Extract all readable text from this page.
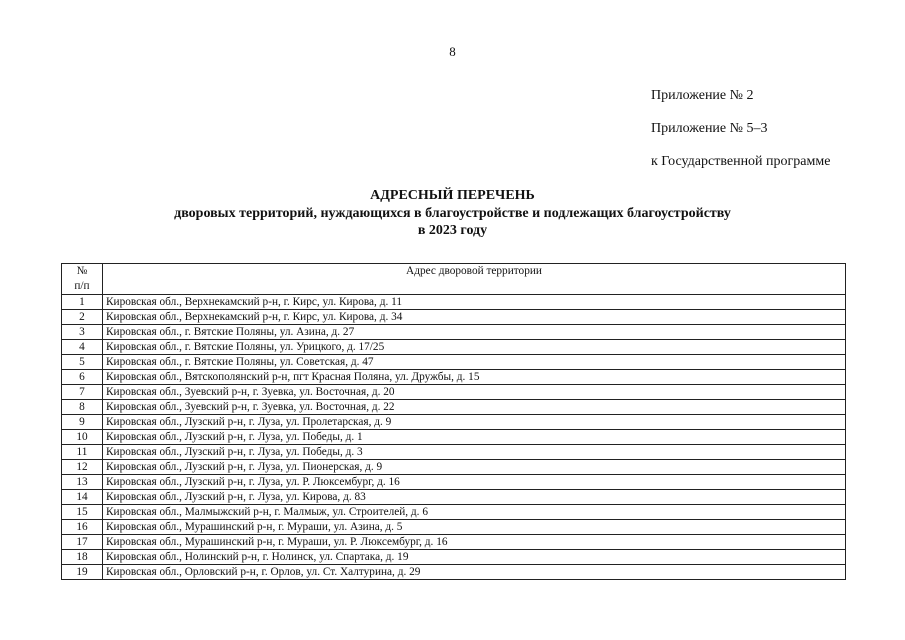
8
Приложение № 2
Приложение № 5–3
к Государственной программе
АДРЕСНЫЙ ПЕРЕЧЕНЬ
дворовых территорий, нуждающихся в благоустройстве и подлежащих благоустройству
в 2023 году
№
п/п	Адрес дворовой территории
1	Кировская обл., Верхнекамский р-н, г. Кирс, ул. Кирова, д. 11
2	Кировская обл., Верхнекамский р-н, г. Кирс, ул. Кирова, д. 34
3	Кировская обл., г. Вятские Поляны, ул. Азина, д. 27
4	Кировская обл., г. Вятские Поляны, ул. Урицкого, д. 17/25
5	Кировская обл., г. Вятские Поляны, ул. Советская, д. 47
6	Кировская обл., Вятскополянский р-н, пгт Красная Поляна, ул. Дружбы, д. 15
7	Кировская обл., Зуевский р-н, г. Зуевка, ул. Восточная, д. 20
8	Кировская обл., Зуевский р-н, г. Зуевка, ул. Восточная, д. 22
9	Кировская обл., Лузский р-н, г. Луза, ул. Пролетарская, д. 9
10	Кировская обл., Лузский р-н, г. Луза, ул. Победы, д. 1
11	Кировская обл., Лузский р-н, г. Луза, ул. Победы, д. 3
12	Кировская обл., Лузский р-н, г. Луза, ул. Пионерская, д. 9
13	Кировская обл., Лузский р-н, г. Луза, ул. Р. Люксембург, д. 16
14	Кировская обл., Лузский р-н, г. Луза, ул. Кирова, д. 83
15	Кировская обл., Малмыжский р-н, г. Малмыж, ул. Строителей, д. 6
16	Кировская обл., Мурашинский р-н, г. Мураши, ул. Азина, д. 5
17	Кировская обл., Мурашинский р-н, г. Мураши, ул. Р. Люксембург, д. 16
18	Кировская обл., Нолинский р-н, г. Нолинск, ул. Спартака, д. 19
19	Кировская обл., Орловский р-н, г. Орлов, ул. Ст. Халтурина, д. 29
